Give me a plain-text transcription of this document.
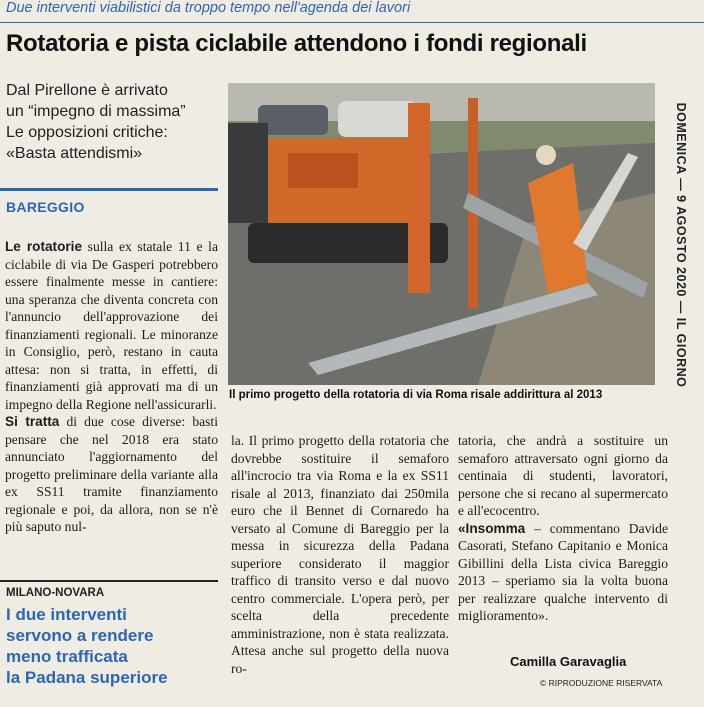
Due interventi viabilistici da troppo tempo nell'agenda dei lavori
Rotatoria e pista ciclabile attendono i fondi regionali
Dal Pirellone è arrivato
un “impegno di massima”
Le opposizioni critiche:
«Basta attendismi»
BAREGGIO

Le rotatorie sulla ex statale 11 e la ciclabile di via De Gasperi potrebbero essere finalmente messe in cantiere: una speranza che diventa concreta con l'annuncio dell'approvazione dei finanziamenti regionali. Le minoranze in Consiglio, però, restano in cauta attesa: non si tratta, in effetti, di finanziamenti già approvati ma di un impegno della Regione nell'assicurarli.

Si tratta di due cose diverse: basti pensare che nel 2018 era stato annunciato l'aggiornamento del progetto preliminare della variante alla ex SS11 tramite finanziamento regionale e poi, da allora, non se n'è più saputo nul-

MILANO-NOVARA
I due interventi
servono a rendere
meno trafficata
la Padana superiore
Il primo progetto della rotatoria di via Roma risale addirittura al 2013
DOMENICA — 9 AGOSTO 2020 — IL GIORNO

la. Il primo progetto della rotatoria che dovrebbe sostituire il semaforo all'incrocio tra via Roma e la ex SS11 risale al 2013, finanziato dai 250mila euro che il Bennet di Cornaredo ha versato al Comune di Bareggio per la messa in sicurezza della Padana superiore considerato il maggior traffico di transito verso e dal nuovo centro commerciale. L'opera però, per scelta della precedente amministrazione, non è stata realizzata. Attesa anche sul progetto della nuova ro-

tatoria, che andrà a sostituire un semaforo attraversato ogni giorno da centinaia di studenti, lavoratori, persone che si recano al supermercato e all'ecocentro.

«Insomma – commentano Davide Casorati, Stefano Capitanio e Monica Gibillini della Lista civica Bareggio 2013 – speriamo sia la volta buona per realizzare qualche intervento di miglioramento».

Camilla Garavaglia
© RIPRODUZIONE RISERVATA
